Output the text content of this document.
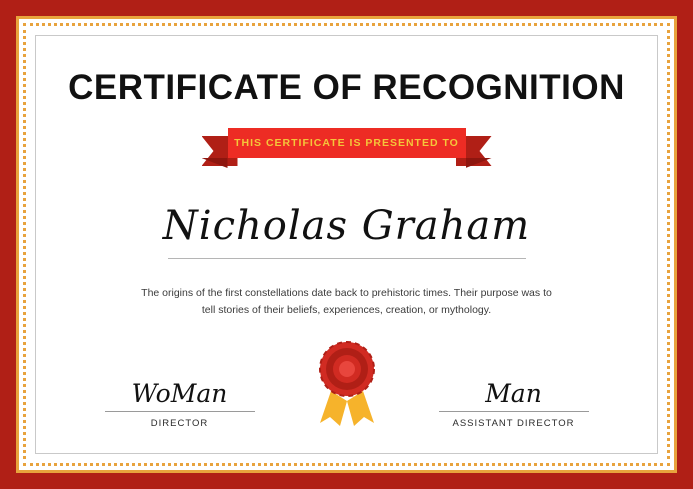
CERTIFICATE OF RECOGNITION
THIS CERTIFICATE IS PRESENTED TO
Nicholas Graham
The origins of the first constellations date back to prehistoric times. Their purpose was to tell stories of their beliefs, experiences, creation, or mythology.
WoMan
DIRECTOR
Man
ASSISTANT DIRECTOR
